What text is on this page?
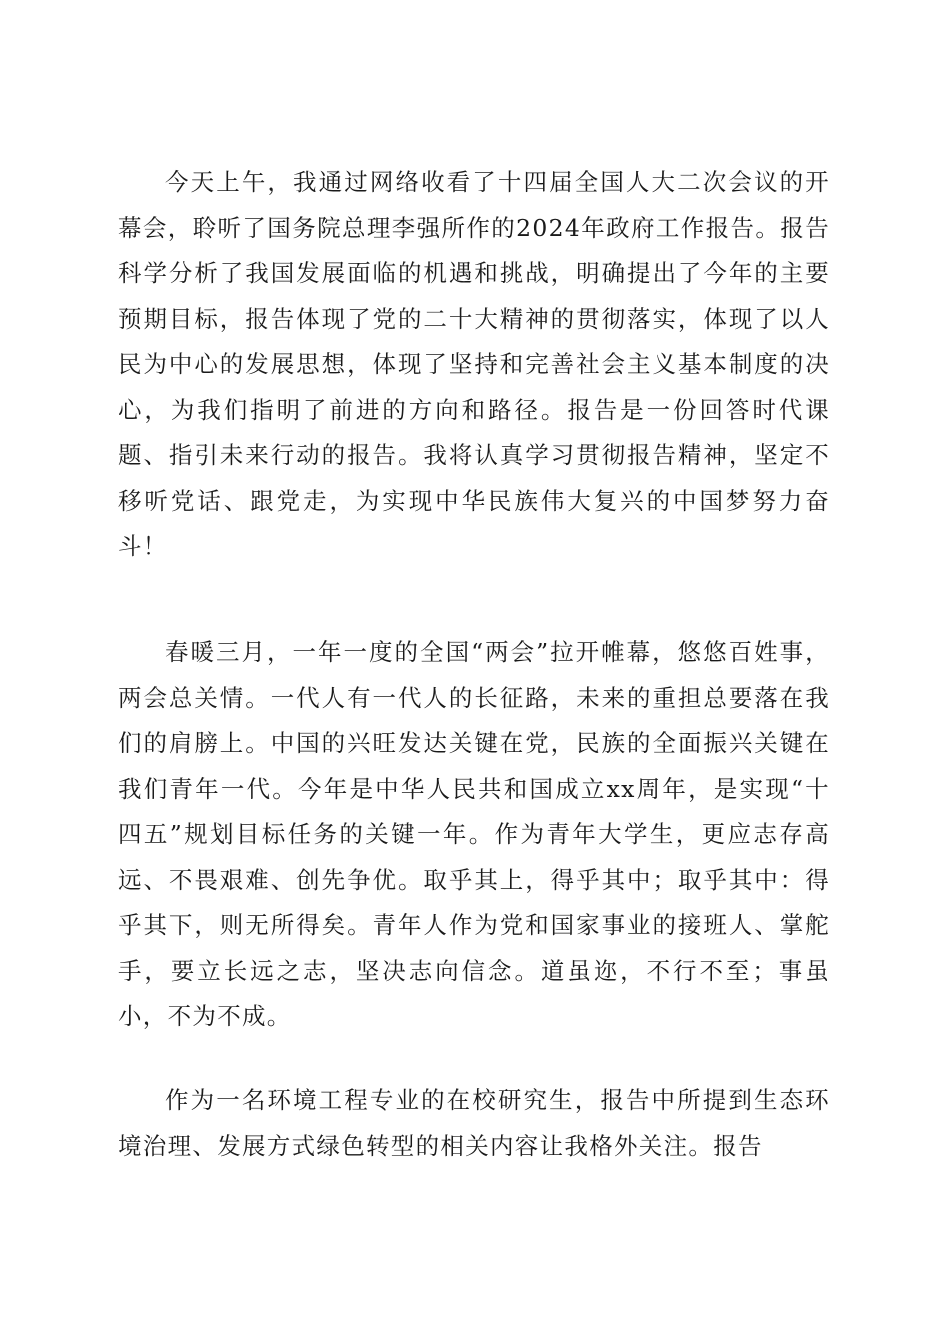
今天上午，我通过网络收看了十四届全国人大二次会议的开幕会，聆听了国务院总理李强所作的2024年政府工作报告。报告科学分析了我国发展面临的机遇和挑战，明确提出了今年的主要预期目标，报告体现了党的二十大精神的贯彻落实，体现了以人民为中心的发展思想，体现了坚持和完善社会主义基本制度的决心，为我们指明了前进的方向和路径。报告是一份回答时代课题、指引未来行动的报告。我将认真学习贯彻报告精神，坚定不移听党话、跟党走，为实现中华民族伟大复兴的中国梦努力奋斗！

春暖三月，一年一度的全国“两会”拉开帷幕，悠悠百姓事，两会总关情。一代人有一代人的长征路，未来的重担总要落在我们的肩膀上。中国的兴旺发达关键在党，民族的全面振兴关键在我们青年一代。今年是中华人民共和国成立xx周年，是实现“十四五”规划目标任务的关键一年。作为青年大学生，更应志存高远、不畏艰难、创先争优。取乎其上，得乎其中；取乎其中：得乎其下，则无所得矣。青年人作为党和国家事业的接班人、掌舵手，要立长远之志，坚决志向信念。道虽迩，不行不至；事虽小，不为不成。

作为一名环境工程专业的在校研究生，报告中所提到生态环境治理、发展方式绿色转型的相关内容让我格外关注。报告
